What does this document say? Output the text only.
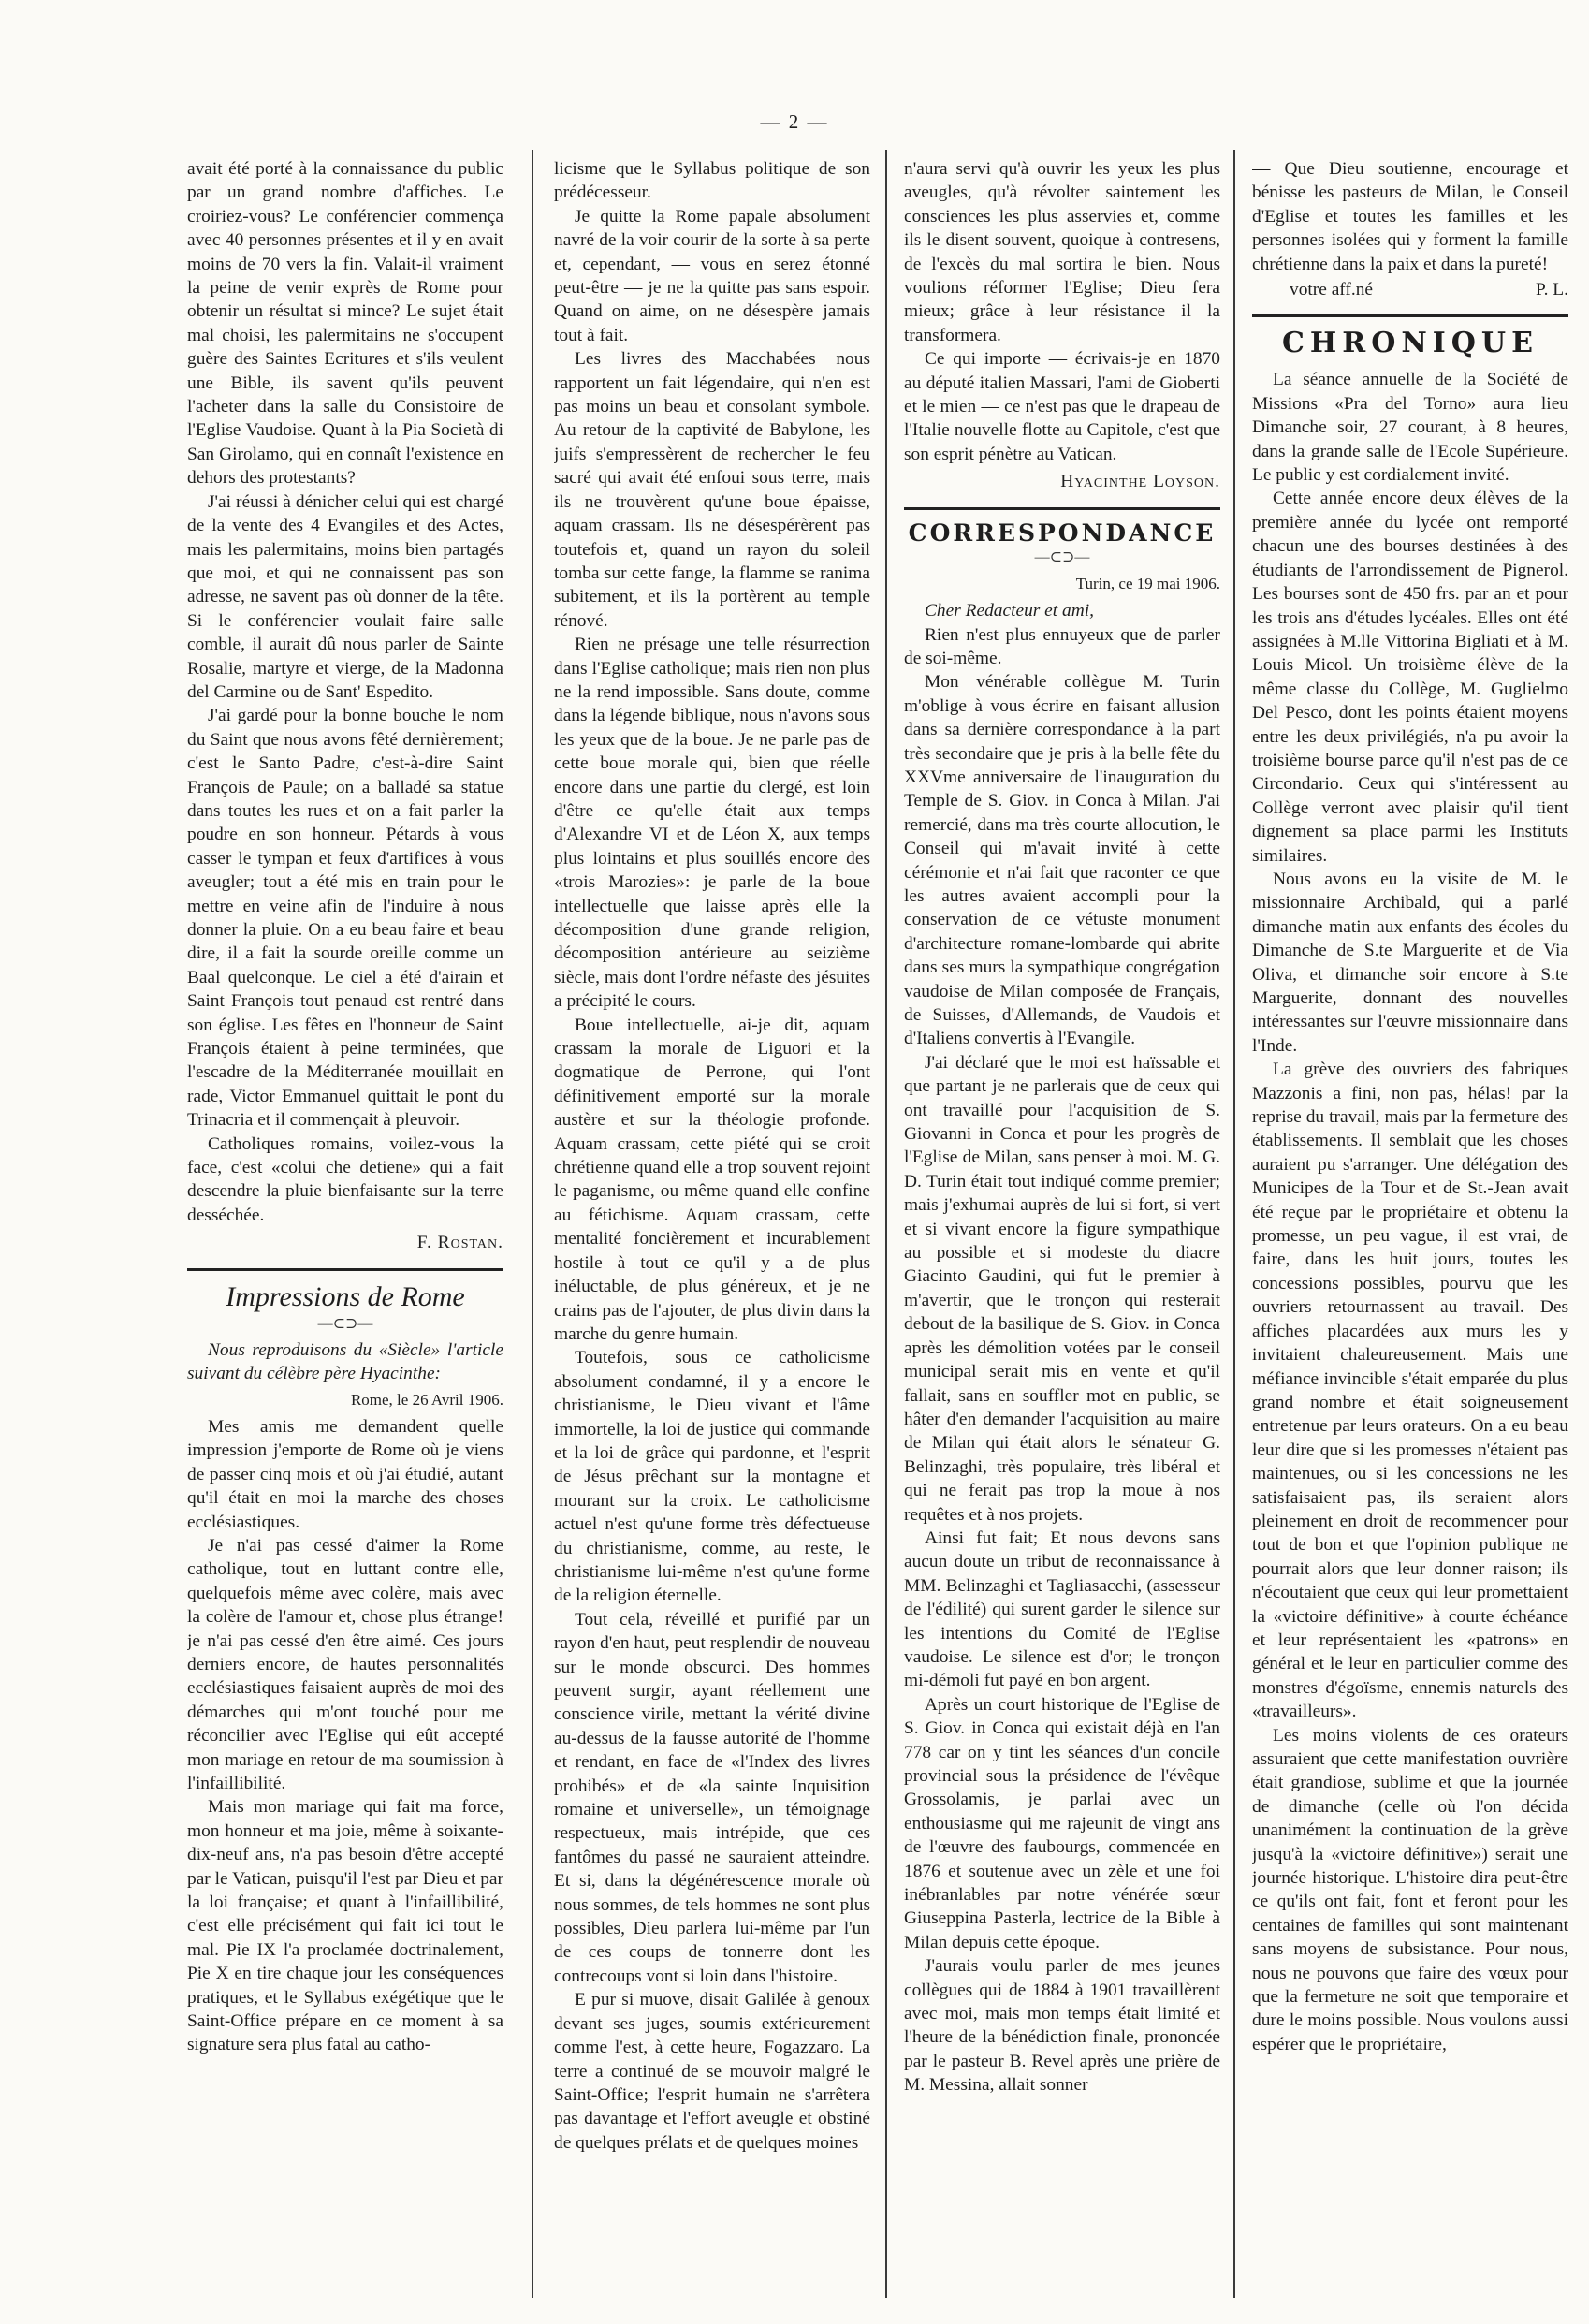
— 2 —

avait été porté à la connaissance du public par un grand nombre d'affiches. Le croiriez-vous? Le conférencier commença avec 40 personnes présentes et il y en avait moins de 70 vers la fin. Valait-il vraiment la peine de venir exprès de Rome pour obtenir un résultat si mince? Le sujet était mal choisi, les palermitains ne s'occupent guère des Saintes Ecritures et s'ils veulent une Bible, ils savent qu'ils peuvent l'acheter dans la salle du Consistoire de l'Eglise Vaudoise. Quant à la Pia Società di San Girolamo, qui en connaît l'existence en dehors des protestants?

J'ai réussi à dénicher celui qui est chargé de la vente des 4 Evangiles et des Actes, mais les palermitains, moins bien partagés que moi, et qui ne connaissent pas son adresse, ne savent pas où donner de la tête. Si le conférencier voulait faire salle comble, il aurait dû nous parler de Sainte Rosalie, martyre et vierge, de la Madonna del Carmine ou de Sant' Espedito.

J'ai gardé pour la bonne bouche le nom du Saint que nous avons fêté dernièrement; c'est le Santo Padre, c'est-à-dire Saint François de Paule; on a balladé sa statue dans toutes les rues et on a fait parler la poudre en son honneur. Pétards à vous casser le tympan et feux d'artifices à vous aveugler; tout a été mis en train pour le mettre en veine afin de l'induire à nous donner la pluie. On a eu beau faire et beau dire, il a fait la sourde oreille comme un Baal quelconque. Le ciel a été d'airain et Saint François tout penaud est rentré dans son église. Les fêtes en l'honneur de Saint François étaient à peine terminées, que l'escadre de la Méditerranée mouillait en rade, Victor Emmanuel quittait le pont du Trinacria et il commençait à pleuvoir.

Catholiques romains, voilez-vous la face, c'est «colui che detiene» qui a fait descendre la pluie bienfaisante sur la terre desséchée.

F. Rostan.
Impressions de Rome
—⊂⊃—

Nous reproduisons du «Siècle» l'article suivant du célèbre père Hyacinthe:

Rome, le 26 Avril 1906.

Mes amis me demandent quelle impression j'emporte de Rome où je viens de passer cinq mois et où j'ai étudié, autant qu'il était en moi la marche des choses ecclésiastiques.

Je n'ai pas cessé d'aimer la Rome catholique, tout en luttant contre elle, quelquefois même avec colère, mais avec la colère de l'amour et, chose plus étrange! je n'ai pas cessé d'en être aimé. Ces jours derniers encore, de hautes personnalités ecclésiastiques faisaient auprès de moi des démarches qui m'ont touché pour me réconcilier avec l'Eglise qui eût accepté mon mariage en retour de ma soumission à l'infaillibilité.

Mais mon mariage qui fait ma force, mon honneur et ma joie, même à soixante-dix-neuf ans, n'a pas besoin d'être accepté par le Vatican, puisqu'il l'est par Dieu et par la loi française; et quant à l'infaillibilité, c'est elle précisément qui fait ici tout le mal. Pie IX l'a proclamée doctrinalement, Pie X en tire chaque jour les conséquences pratiques, et le Syllabus exégétique que le Saint-Office prépare en ce moment à sa signature sera plus fatal au catho-

licisme que le Syllabus politique de son prédécesseur.

Je quitte la Rome papale absolument navré de la voir courir de la sorte à sa perte et, cependant, — vous en serez étonné peut-être — je ne la quitte pas sans espoir. Quand on aime, on ne désespère jamais tout à fait.

Les livres des Macchabées nous rapportent un fait légendaire, qui n'en est pas moins un beau et consolant symbole. Au retour de la captivité de Babylone, les juifs s'empressèrent de rechercher le feu sacré qui avait été enfoui sous terre, mais ils ne trouvèrent qu'une boue épaisse, aquam crassam. Ils ne désespérèrent pas toutefois et, quand un rayon du soleil tomba sur cette fange, la flamme se ranima subitement, et ils la portèrent au temple rénové.

Rien ne présage une telle résurrection dans l'Eglise catholique; mais rien non plus ne la rend impossible. Sans doute, comme dans la légende biblique, nous n'avons sous les yeux que de la boue. Je ne parle pas de cette boue morale qui, bien que réelle encore dans une partie du clergé, est loin d'être ce qu'elle était aux temps d'Alexandre VI et de Léon X, aux temps plus lointains et plus souillés encore des «trois Marozies»: je parle de la boue intellectuelle que laisse après elle la décomposition d'une grande religion, décomposition antérieure au seizième siècle, mais dont l'ordre néfaste des jésuites a précipité le cours.

Boue intellectuelle, ai-je dit, aquam crassam la morale de Liguori et la dogmatique de Perrone, qui l'ont définitivement emporté sur la morale austère et sur la théologie profonde. Aquam crassam, cette piété qui se croit chrétienne quand elle a trop souvent rejoint le paganisme, ou même quand elle confine au fétichisme. Aquam crassam, cette mentalité foncièrement et incurablement hostile à tout ce qu'il y a de plus inéluctable, de plus généreux, et je ne crains pas de l'ajouter, de plus divin dans la marche du genre humain.

Toutefois, sous ce catholicisme absolument condamné, il y a encore le christianisme, le Dieu vivant et l'âme immortelle, la loi de justice qui commande et la loi de grâce qui pardonne, et l'esprit de Jésus prêchant sur la montagne et mourant sur la croix. Le catholicisme actuel n'est qu'une forme très défectueuse du christianisme, comme, au reste, le christianisme lui-même n'est qu'une forme de la religion éternelle.

Tout cela, réveillé et purifié par un rayon d'en haut, peut resplendir de nouveau sur le monde obscurci. Des hommes peuvent surgir, ayant réellement une conscience virile, mettant la vérité divine au-dessus de la fausse autorité de l'homme et rendant, en face de «l'Index des livres prohibés» et de «la sainte Inquisition romaine et universelle», un témoignage respectueux, mais intrépide, que ces fantômes du passé ne sauraient atteindre. Et si, dans la dégénérescence morale où nous sommes, de tels hommes ne sont plus possibles, Dieu parlera lui-même par l'un de ces coups de tonnerre dont les contrecoups vont si loin dans l'histoire.

E pur si muove, disait Galilée à genoux devant ses juges, soumis extérieurement comme l'est, à cette heure, Fogazzaro. La terre a continué de se mouvoir malgré le Saint-Office; l'esprit humain ne s'arrêtera pas davantage et l'effort aveugle et obstiné de quelques prélats et de quelques moines

n'aura servi qu'à ouvrir les yeux les plus aveugles, qu'à révolter saintement les consciences les plus asservies et, comme ils le disent souvent, quoique à contresens, de l'excès du mal sortira le bien. Nous voulions réformer l'Eglise; Dieu fera mieux; grâce à leur résistance il la transformera.

Ce qui importe — écrivais-je en 1870 au député italien Massari, l'ami de Giobertі et le mien — ce n'est pas que le drapeau de l'Italie nouvelle flotte au Capitole, c'est que son esprit pénètre au Vatican.

Hyacinthe Loyson.
CORRESPONDANCE
—⊂⊃—
Turin, ce 19 mai 1906.

Cher Redacteur et ami,

Rien n'est plus ennuyeux que de parler de soi-même.

Mon vénérable collègue M. Turin m'oblige à vous écrire en faisant allusion dans sa dernière correspondance à la part très secondaire que je pris à la belle fête du XXVme anniversaire de l'inauguration du Temple de S. Giov. in Conca à Milan. J'ai remercié, dans ma très courte allocution, le Conseil qui m'avait invité à cette cérémonie et n'ai fait que raconter ce que les autres avaient accompli pour la conservation de ce vétuste monument d'architecture romane-lombarde qui abrite dans ses murs la sympathique congrégation vaudoise de Milan composée de Français, de Suisses, d'Allemands, de Vaudois et d'Italiens convertis à l'Evangile.

J'ai déclaré que le moi est haïssable et que partant je ne parlerais que de ceux qui ont travaillé pour l'acquisition de S. Giovanni in Conca et pour les progrès de l'Eglise de Milan, sans penser à moi. M. G. D. Turin était tout indiqué comme premier; mais j'exhumai auprès de lui si fort, si vert et si vivant encore la figure sympathique au possible et si modeste du diacre Giacinto Gaudini, qui fut le premier à m'avertir, que le tronçon qui resterait debout de la basilique de S. Giov. in Conca après les démolition votées par le conseil municipal serait mis en vente et qu'il fallait, sans en souffler mot en public, se hâter d'en demander l'acquisition au maire de Milan qui était alors le sénateur G. Belinzaghi, très populaire, très libéral et qui ne ferait pas trop la moue à nos requêtes et à nos projets.

Ainsi fut fait; Et nous devons sans aucun doute un tribut de reconnaissance à MM. Belinzaghi et Tagliasacchi, (assesseur de l'édilité) qui surent garder le silence sur les intentions du Comité de l'Eglise vaudoise. Le silence est d'or; le tronçon mi-démoli fut payé en bon argent.

Après un court historique de l'Eglise de S. Giov. in Conca qui existait déjà en l'an 778 car on y tint les séances d'un concile provincial sous la présidence de l'évêque Grossolamis, je parlai avec un enthousiasme qui me rajeunit de vingt ans de l'œuvre des faubourgs, commencée en 1876 et soutenue avec un zèle et une foi inébranlables par notre vénérée sœur Giuseppina Pasterla, lectrice de la Bible à Milan depuis cette époque.

J'aurais voulu parler de mes jeunes collègues qui de 1884 à 1901 travaillèrent avec moi, mais mon temps était limité et l'heure de la bénédiction finale, prononcée par le pasteur B. Revel après une prière de M. Messina, allait sonner

— Que Dieu soutienne, encourage et bénisse les pasteurs de Milan, le Conseil d'Eglise et toutes les familles et les personnes isolées qui y forment la famille chrétienne dans la paix et dans la pureté!

votre aff.né	P. L.
CHRONIQUE

La séance annuelle de la Société de Missions «Pra del Torno» aura lieu Dimanche soir, 27 courant, à 8 heures, dans la grande salle de l'Ecole Supérieure. Le public y est cordialement invité.

Cette année encore deux élèves de la première année du lycée ont remporté chacun une des bourses destinées à des étudiants de l'arrondissement de Pignerol. Les bourses sont de 450 frs. par an et pour les trois ans d'études lycéales. Elles ont été assignées à M.lle Vittorina Bigliati et à M. Louis Micol. Un troisième élève de la même classe du Collège, M. Guglielmo Del Pesco, dont les points étaient moyens entre les deux privilégiés, n'a pu avoir la troisième bourse parce qu'il n'est pas de ce Circondario. Ceux qui s'intéressent au Collège verront avec plaisir qu'il tient dignement sa place parmi les Instituts similaires.

Nous avons eu la visite de M. le missionnaire Archibald, qui a parlé dimanche matin aux enfants des écoles du Dimanche de S.te Marguerite et de Via Oliva, et dimanche soir encore à S.te Marguerite, donnant des nouvelles intéressantes sur l'œuvre missionnaire dans l'Inde.

La grève des ouvriers des fabriques Mazzonis a fini, non pas, hélas! par la reprise du travail, mais par la fermeture des établissements. Il semblait que les choses auraient pu s'arranger. Une délégation des Municipes de la Tour et de St.-Jean avait été reçue par le propriétaire et obtenu la promesse, un peu vague, il est vrai, de faire, dans les huit jours, toutes les concessions possibles, pourvu que les ouvriers retournassent au travail. Des affiches placardées aux murs les y invitaient chaleureusement. Mais une méfiance invincible s'était emparée du plus grand nombre et était soigneusement entretenue par leurs orateurs. On a eu beau leur dire que si les promesses n'étaient pas maintenues, ou si les concessions ne les satisfaisaient pas, ils seraient alors pleinement en droit de recommencer pour tout de bon et que l'opinion publique ne pourrait alors que leur donner raison; ils n'écoutaient que ceux qui leur promettaient la «victoire définitive» à courte échéance et leur représentaient les «patrons» en général et le leur en particulier comme des monstres d'égoïsme, ennemis naturels des «travailleurs».

Les moins violents de ces orateurs assuraient que cette manifestation ouvrière était grandiose, sublime et que la journée de dimanche (celle où l'on décida unanimément la continuation de la grève jusqu'à la «victoire définitive») serait une journée historique. L'histoire dira peut-être ce qu'ils ont fait, font et feront pour les centaines de familles qui sont maintenant sans moyens de subsistance. Pour nous, nous ne pouvons que faire des vœux pour que la fermeture ne soit que temporaire et dure le moins possible. Nous voulons aussi espérer que le propriétaire,
